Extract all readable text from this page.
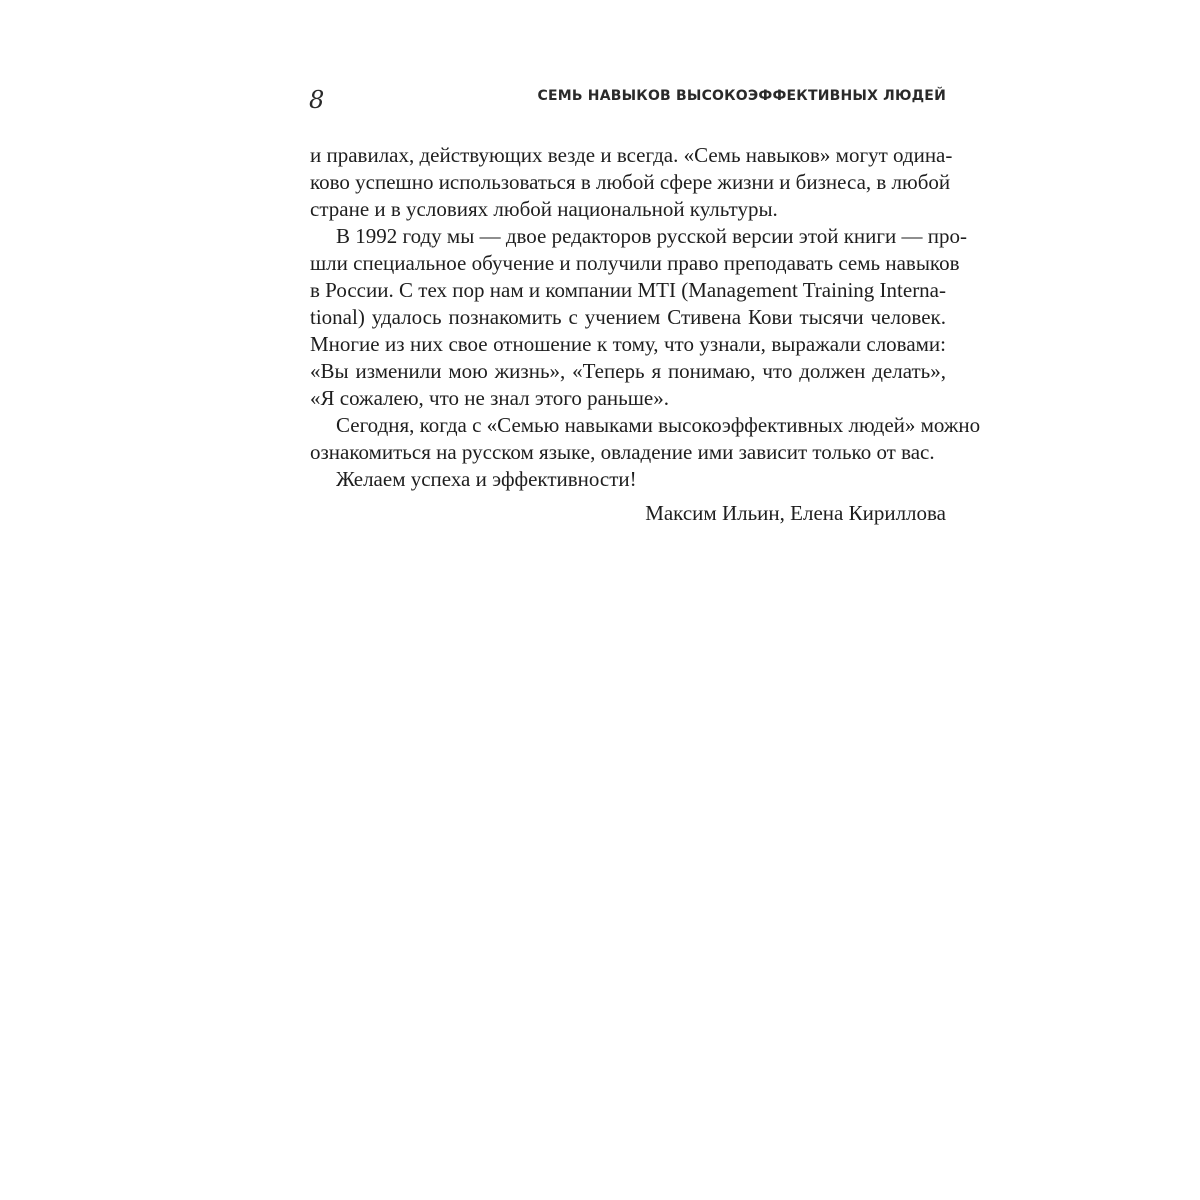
8	СЕМЬ НАВЫКОВ ВЫСОКОЭФФЕКТИВНЫХ ЛЮДЕЙ

и правилах, действующих везде и всегда. «Семь навыков» могут одина-
ково успешно использоваться в любой сфере жизни и бизнеса, в любой
стране и в условиях любой национальной культуры.

В 1992 году мы — двое редакторов русской версии этой книги — про-
шли специальное обучение и получили право преподавать семь навыков
в России. С тех пор нам и компании MTI (Management Training Interna-
tional) удалось познакомить с учением Стивена Кови тысячи человек.
Многие из них свое отношение к тому, что узнали, выражали словами:
«Вы изменили мою жизнь», «Теперь я понимаю, что должен делать»,
«Я сожалею, что не знал этого раньше».

Сегодня, когда с «Семью навыками высокоэффективных людей» можно
ознакомиться на русском языке, овладение ими зависит только от вас.

Желаем успеха и эффективности!

Максим Ильин, Елена Кириллова
